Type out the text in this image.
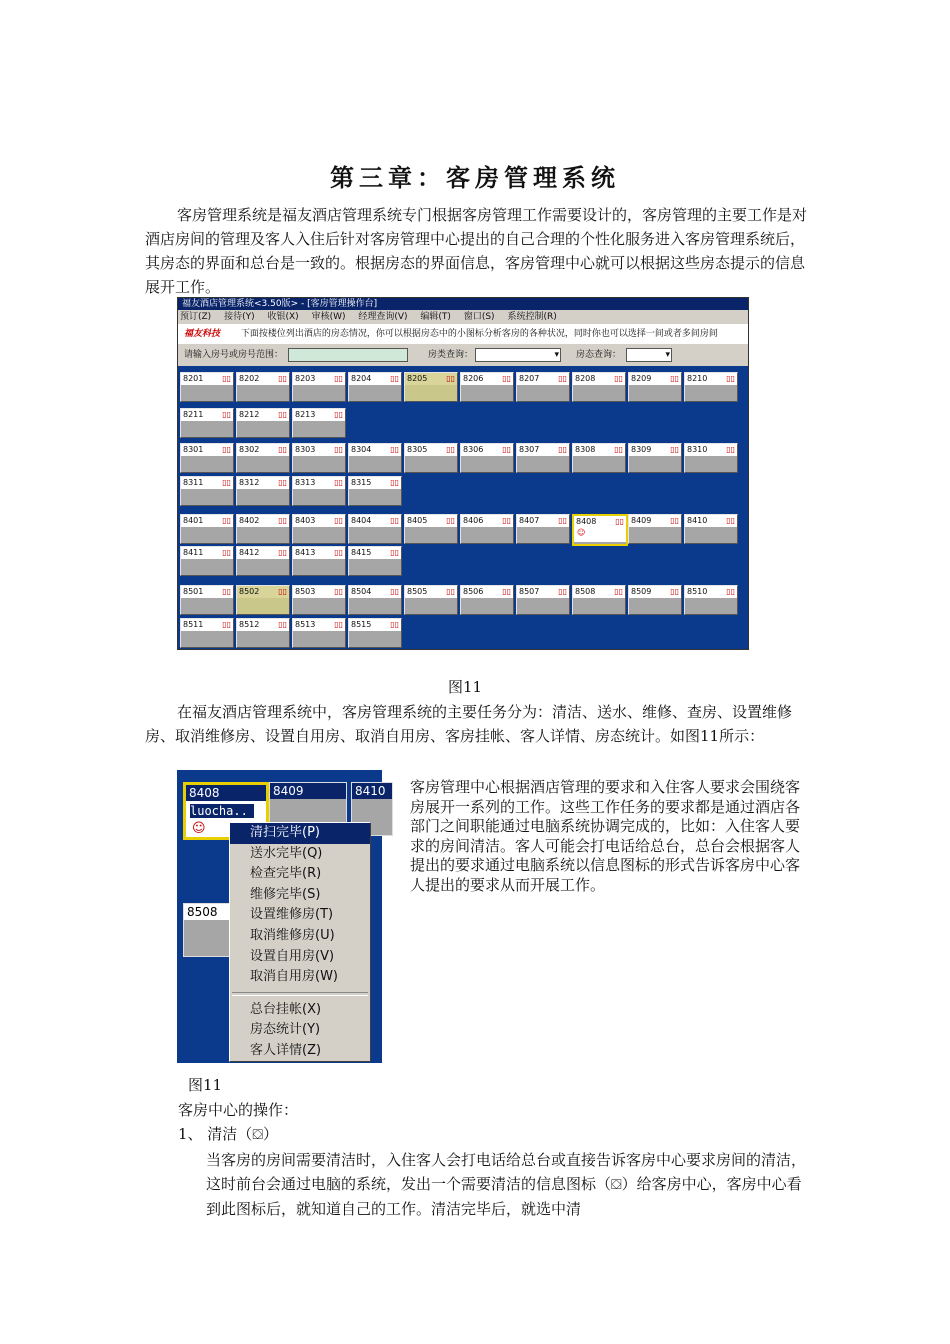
第三章：客房管理系统
客房管理系统是福友酒店管理系统专门根据客房管理工作需要设计的，客房管理的主要工作是对酒店房间的管理及客人入住后针对客房管理中心提出的自己合理的个性化服务进入客房管理系统后，其房态的界面和总台是一致的。根据房态的界面信息，客房管理中心就可以根据这些房态提示的信息展开工作。
福友酒店管理系统<3.50版> - [客房管理操作台]
预订(Z) 接待(Y) 收银(X) 审核(W) 经理查询(V) 编辑(T) 窗口(S) 系统控制(R)
福友科技 下面按楼位列出酒店的房态情况，你可以根据房态中的小图标分析客房的各种状况，同时你也可以选择一间或者多间房间
请输入房号或房号范围：	房类查询：
▾	房态查询：
▾
8201 ▯▯ 8202 ▯▯ 8203 ▯▯ 8204 ▯▯ 8205 ▯▯ 8206 ▯▯ 8207 ▯▯ 8208 ▯▯ 8209 ▯▯ 8210 ▯▯
8211 ▯▯ 8212 ▯▯ 8213 ▯▯
8301 ▯▯ 8302 ▯▯ 8303 ▯▯ 8304 ▯▯ 8305 ▯▯ 8306 ▯▯ 8307 ▯▯ 8308 ▯▯ 8309 ▯▯ 8310 ▯▯
8311 ▯▯ 8312 ▯▯ 8313 ▯▯ 8315 ▯▯
8401 ▯▯ 8402 ▯▯ 8403 ▯▯ 8404 ▯▯ 8405 ▯▯ 8406 ▯▯ 8407 ▯▯ 8408 ▯▯
☺
8409 ▯▯ 8410 ▯▯
8411 ▯▯ 8412 ▯▯ 8413 ▯▯ 8415 ▯▯
8501 ▯▯ 8502 ▯▯ 8503 ▯▯ 8504 ▯▯ 8505 ▯▯ 8506 ▯▯ 8507 ▯▯ 8508 ▯▯ 8509 ▯▯ 8510 ▯▯
8511 ▯▯ 8512 ▯▯ 8513 ▯▯ 8515 ▯▯
图11
在福友酒店管理系统中，客房管理系统的主要任务分为：清洁、送水、维修、查房、设置维修房、取消维修房、设置自用房、取消自用房、客房挂帐、客人详情、房态统计。如图11所示：
8408
luocha..
☺
8409	8410
8508
清扫完毕(P)
送水完毕(Q)
检查完毕(R)
维修完毕(S)
设置维修房(T)
取消维修房(U)
设置自用房(V)
取消自用房(W)
总台挂帐(X)
房态统计(Y)
客人详情(Z)
客房管理中心根据酒店管理的要求和入住客人要求会围绕客房展开一系列的工作。这些工作任务的要求都是通过酒店各部门之间职能通过电脑系统协调完成的，比如：入住客人要求的房间清洁。客人可能会打电话给总台，总台会根据客人提出的要求通过电脑系统以信息图标的形式告诉客房中心客人提出的要求从而开展工作。
图11
客房中心的操作：
1、 清洁（⛋）
当客房的房间需要清洁时，入住客人会打电话给总台或直接告诉客房中心要求房间的清洁，这时前台会通过电脑的系统，发出一个需要清洁的信息图标（⛋）给客房中心，客房中心看到此图标后，就知道自己的工作。清洁完毕后，就选中清
